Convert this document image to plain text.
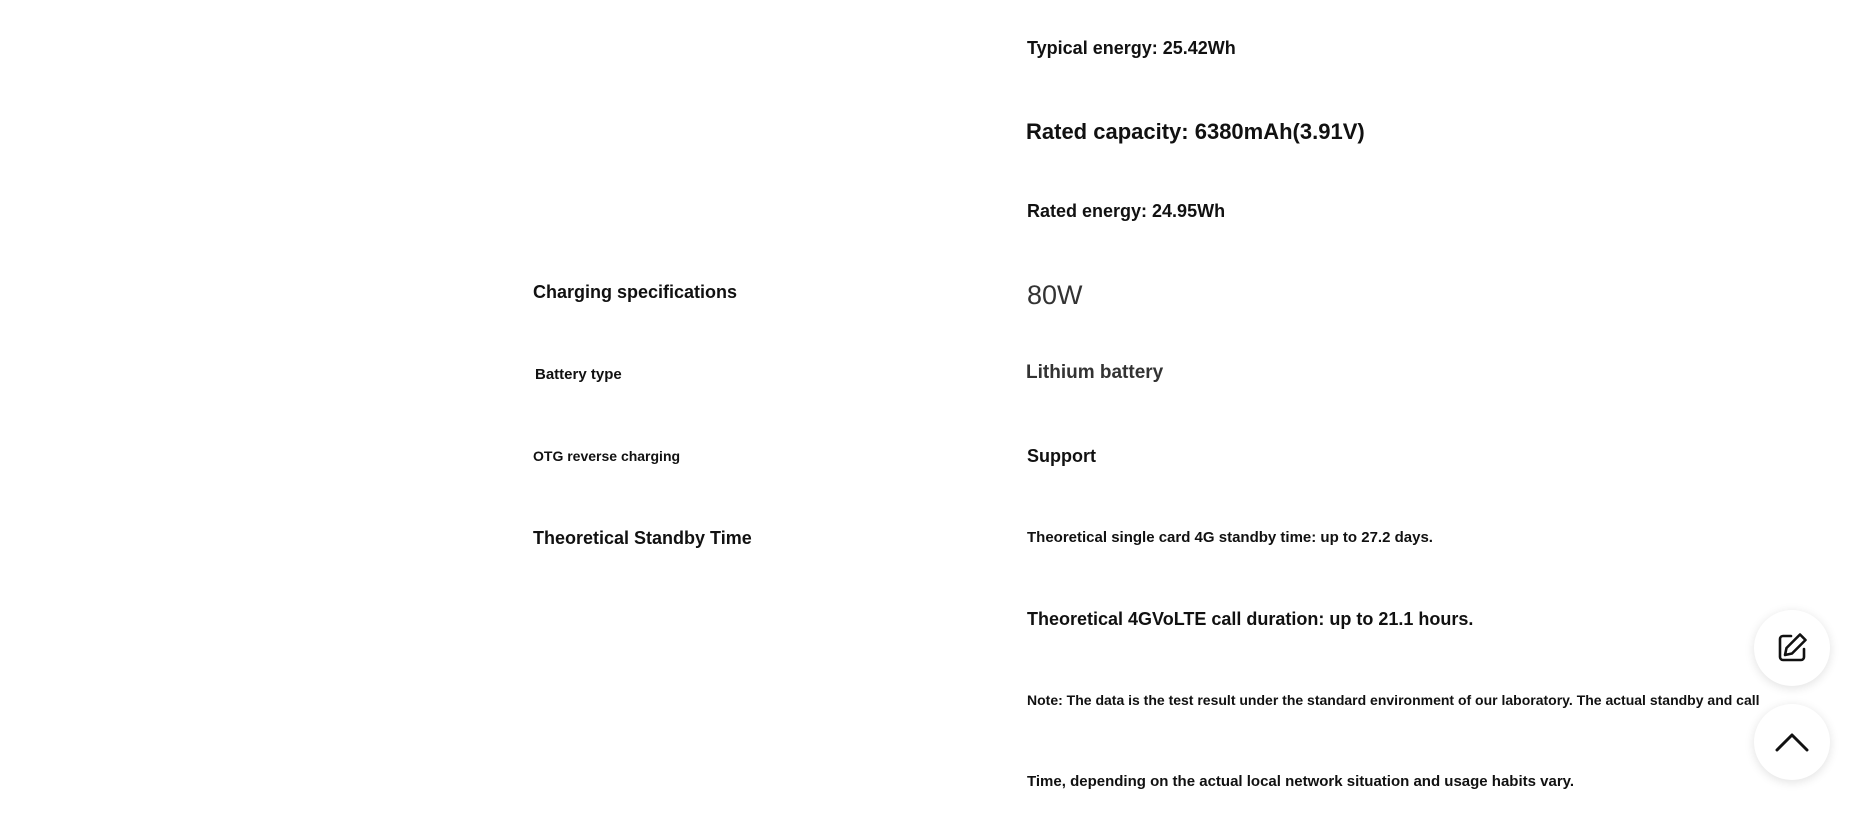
Typical energy: 25.42Wh
Rated capacity: 6380mAh(3.91V)
Rated energy: 24.95Wh
Charging specifications	80W
Battery type	Lithium battery
OTG reverse charging	Support
Theoretical Standby Time	Theoretical single card 4G standby time: up to 27.2 days.
Theoretical 4GVoLTE call duration: up to 21.1 hours.
Note: The data is the test result under the standard environment of our laboratory. The actual standby and call
Time, depending on the actual local network situation and usage habits vary.
